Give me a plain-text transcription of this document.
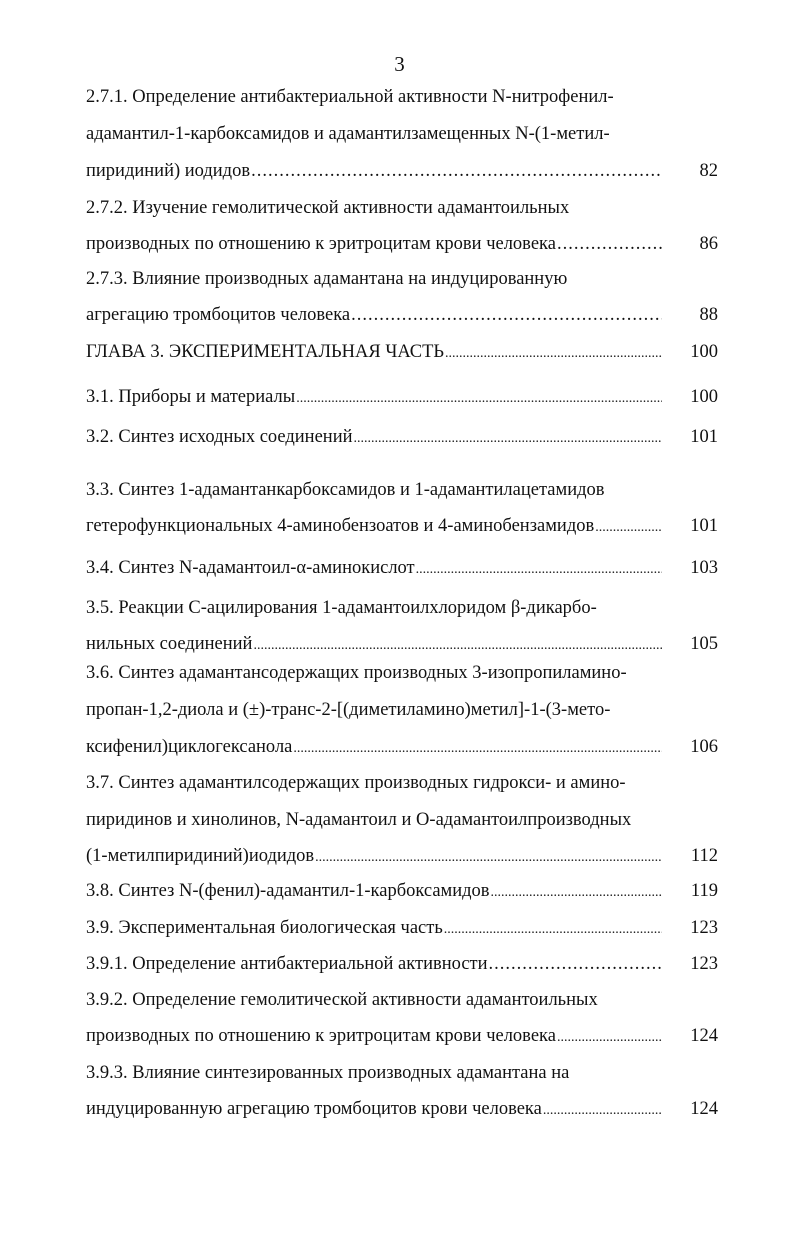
3
2.7.1. Определение антибактериальной активности N-нитрофенил-
адамантил-1-карбоксамидов и адамантилзамещенных N-(1-метил-
пиридиний) иодидов .....	82
2.7.2. Изучение гемолитической активности адамантоильных
производных по отношению к эритроцитам крови человека .....	86
2.7.3. Влияние производных адамантана на индуцированную
агрегацию тромбоцитов человека .....	88
ГЛАВА 3. ЭКСПЕРИМЕНТАЛЬНАЯ ЧАСТЬ .....	100
3.1. Приборы и материалы .....	100
3.2. Синтез исходных соединений .....	101
3.3. Синтез 1-адамантанкарбоксамидов и 1-адамантилацетамидов
гетерофункциональных 4-аминобензоатов и 4-аминобензамидов .....	101
3.4. Синтез N-адамантоил-α-аминокислот .....	103
3.5. Реакции С-ацилирования 1-адамантоилхлоридом β-дикарбо-
нильных соединений .....	105
3.6. Синтез адамантансодержащих производных 3-изопропиламино-
пропан-1,2-диола и (±)-транс-2-[(диметиламино)метил]-1-(3-мето-
ксифенил)циклогексанола .....	106
3.7. Синтез адамантилсодержащих производных гидрокси- и амино-
пиридинов и хинолинов, N-адамантоил и О-адамантоилпроизводных
(1-метилпиридиний)иодидов .....	112
3.8. Синтез N-(фенил)-адамантил-1-карбоксамидов .....	119
3.9. Экспериментальная биологическая часть .....	123
3.9.1. Определение антибактериальной активности .....	123
3.9.2. Определение гемолитической активности адамантоильных
производных по отношению к эритроцитам крови человека .....	124
3.9.3. Влияние синтезированных производных адамантана на
индуцированную агрегацию тромбоцитов крови человека .....	124
